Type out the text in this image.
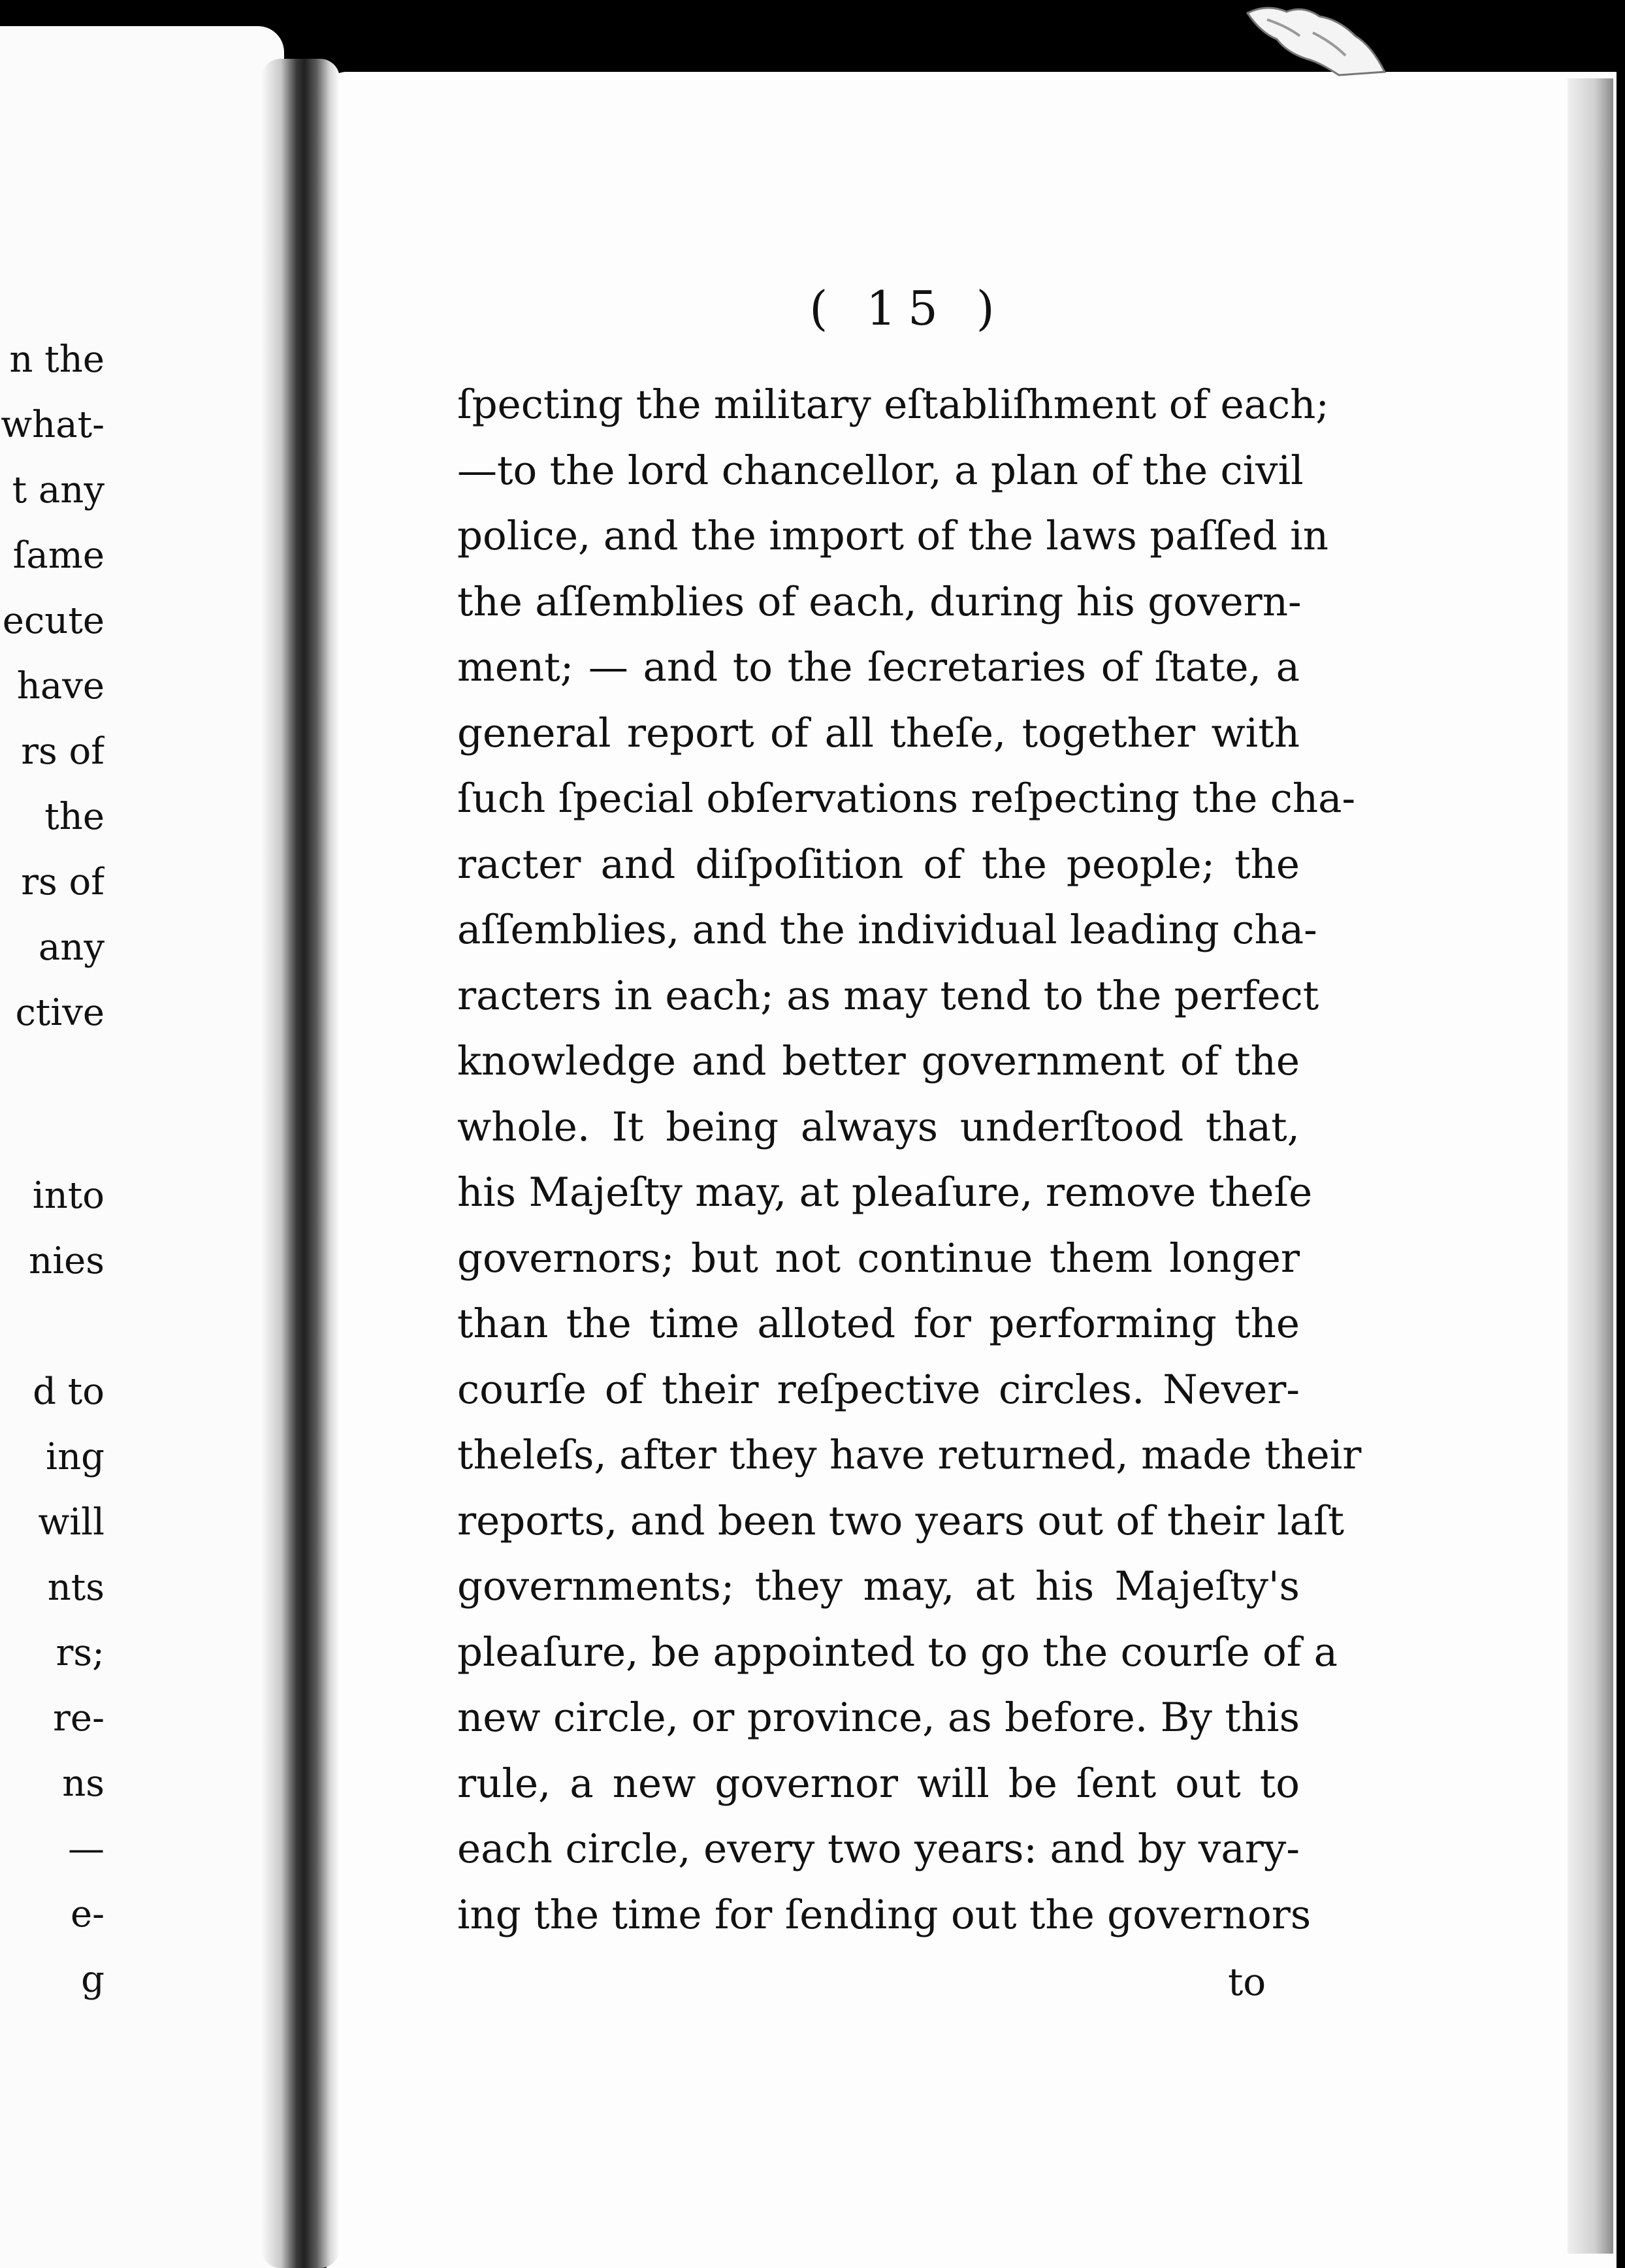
n the
what-
t any
ſame
ecute
have
rs of
the
rs of
any
ctive
into
nies
d to
ing
will
nts
rs;
re-
ns
—
e-
g
( 15 )
ſpecting the military eſtabliſhment of each;
—to the lord chancellor, a plan of the civil
police, and the import of the laws paſſed in
the aſſemblies of each, during his govern-
ment; — and to the ſecretaries of ſtate, a
general report of all theſe, together with
ſuch ſpecial obſervations reſpecting the cha-
racter and diſpoſition of the people; the
aſſemblies, and the individual leading cha-
racters in each; as may tend to the perfect
knowledge and better government of the
whole. It being always underſtood that,
his Majeſty may, at pleaſure, remove theſe
governors; but not continue them longer
than the time alloted for performing the
courſe of their reſpective circles. Never-
theleſs, after they have returned, made their
reports, and been two years out of their laſt
governments; they may, at his Majeſty's
pleaſure, be appointed to go the courſe of a
new circle, or province, as before. By this
rule, a new governor will be ſent out to
each circle, every two years: and by vary-
ing the time for ſending out the governors
to
